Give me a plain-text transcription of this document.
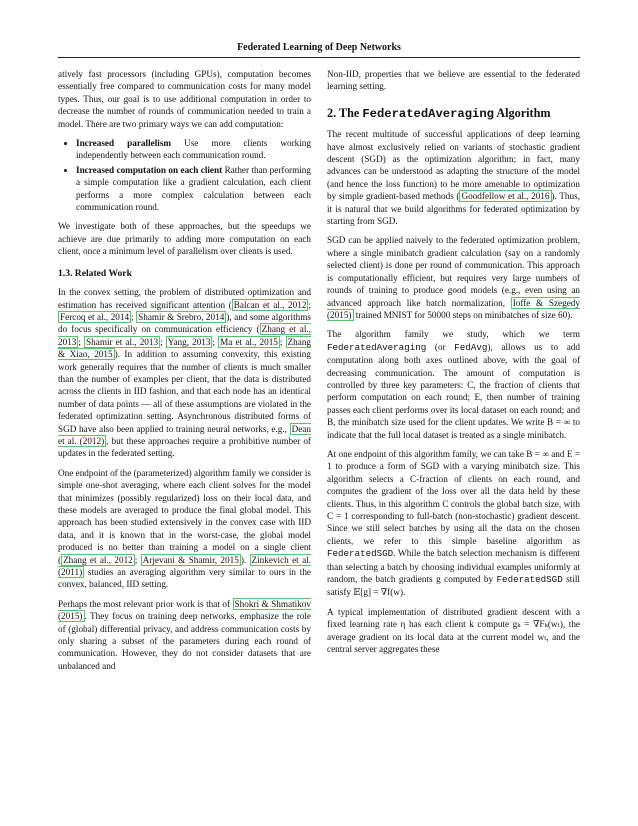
Federated Learning of Deep Networks

atively fast processors (including GPUs), computation becomes essentially free compared to communication costs for many model types. Thus, our goal is to use additional computation in order to decrease the number of rounds of communication needed to train a model. There are two primary ways we can add computation:

• Increased parallelism Use more clients working independently between each communication round.
• Increased computation on each client Rather than performing a simple computation like a gradient calculation, each client performs a more complex calculation between each communication round.

We investigate both of these approaches, but the speedups we achieve are due primarily to adding more computation on each client, once a minimum level of parallelism over clients is used.

1.3. Related Work

In the convex setting, the problem of distributed optimization and estimation has received significant attention ( Balcan et al., 2012 ; Fercoq et al., 2014 ; Shamir & Srebro, 2014 ), and some algorithms do focus specifically on communication efficiency ( Zhang et al., 2013 ; Shamir et al., 2013 ; Yang, 2013 ; Ma et al., 2015 ; Zhang & Xiao, 2015 ). In addition to assuming convexity, this existing work generally requires that the number of clients is much smaller than the number of examples per client, that the data is distributed across the clients in IID fashion, and that each node has an identical number of data points — all of these assumptions are violated in the federated optimization setting. Asynchronous distributed forms of SGD have also been applied to training neural networks, e.g., Dean et al. (2012) , but these approaches require a prohibitive number of updates in the federated setting.

One endpoint of the (parameterized) algorithm family we consider is simple one-shot averaging, where each client solves for the model that minimizes (possibly regularized) loss on their local data, and these models are averaged to produce the final global model. This approach has been studied extensively in the convex case with IID data, and it is known that in the worst-case, the global model produced is no better than training a model on a single client ( Zhang et al., 2012 ; Arjevani & Shamir, 2015 ). Zinkevich et al. (2011) studies an averaging algorithm very similar to ours in the convex, balanced, IID setting.

Perhaps the most relevant prior work is that of Shokri & Shmatikov (2015) . They focus on training deep networks, emphasize the role of (global) differential privacy, and address communication costs by only sharing a subset of the parameters during each round of communication. However, they do not consider datasets that are unbalanced and

Non-IID, properties that we believe are essential to the federated learning setting.

2. The FederatedAveraging Algorithm

The recent multitude of successful applications of deep learning have almost exclusively relied on variants of stochastic gradient descent (SGD) as the optimization algorithm; in fact, many advances can be understood as adapting the structure of the model (and hence the loss function) to be more amenable to optimization by simple gradient-based methods ( Goodfellow et al., 2016 ). Thus, it is natural that we build algorithms for federated optimization by starting from SGD.

SGD can be applied naively to the federated optimization problem, where a single minibatch gradient calculation (say on a randomly selected client) is done per round of communication. This approach is computationally efficient, but requires very large numbers of rounds of training to produce good models (e.g., even using an advanced approach like batch normalization, Ioffe & Szegedy (2015) trained MNIST for 50000 steps on minibatches of size 60).

The algorithm family we study, which we term FederatedAveraging (or FedAvg), allows us to add computation along both axes outlined above, with the goal of decreasing communication. The amount of computation is controlled by three key parameters: C, the fraction of clients that perform computation on each round; E, then number of training passes each client performs over its local dataset on each round; and B, the minibatch size used for the client updates. We write B = ∞ to indicate that the full local dataset is treated as a single minibatch.

At one endpoint of this algorithm family, we can take B = ∞ and E = 1 to produce a form of SGD with a varying minibatch size. This algorithm selects a C-fraction of clients on each round, and computes the gradient of the loss over all the data held by these clients. Thus, in this algorithm C controls the global batch size, with C = 1 corresponding to full-batch (non-stochastic) gradient descent. Since we still select batches by using all the data on the chosen clients, we refer to this simple baseline algorithm as FederatedSGD. While the batch selection mechanism is different than selecting a batch by choosing individual examples uniformly at random, the batch gradients g computed by FederatedSGD still satisfy 𝔼[g] = ∇f(w).

A typical implementation of distributed gradient descent with a fixed learning rate η has each client k compute gₖ = ∇Fₖ(wₜ), the average gradient on its local data at the current model wₜ, and the central server aggregates these
